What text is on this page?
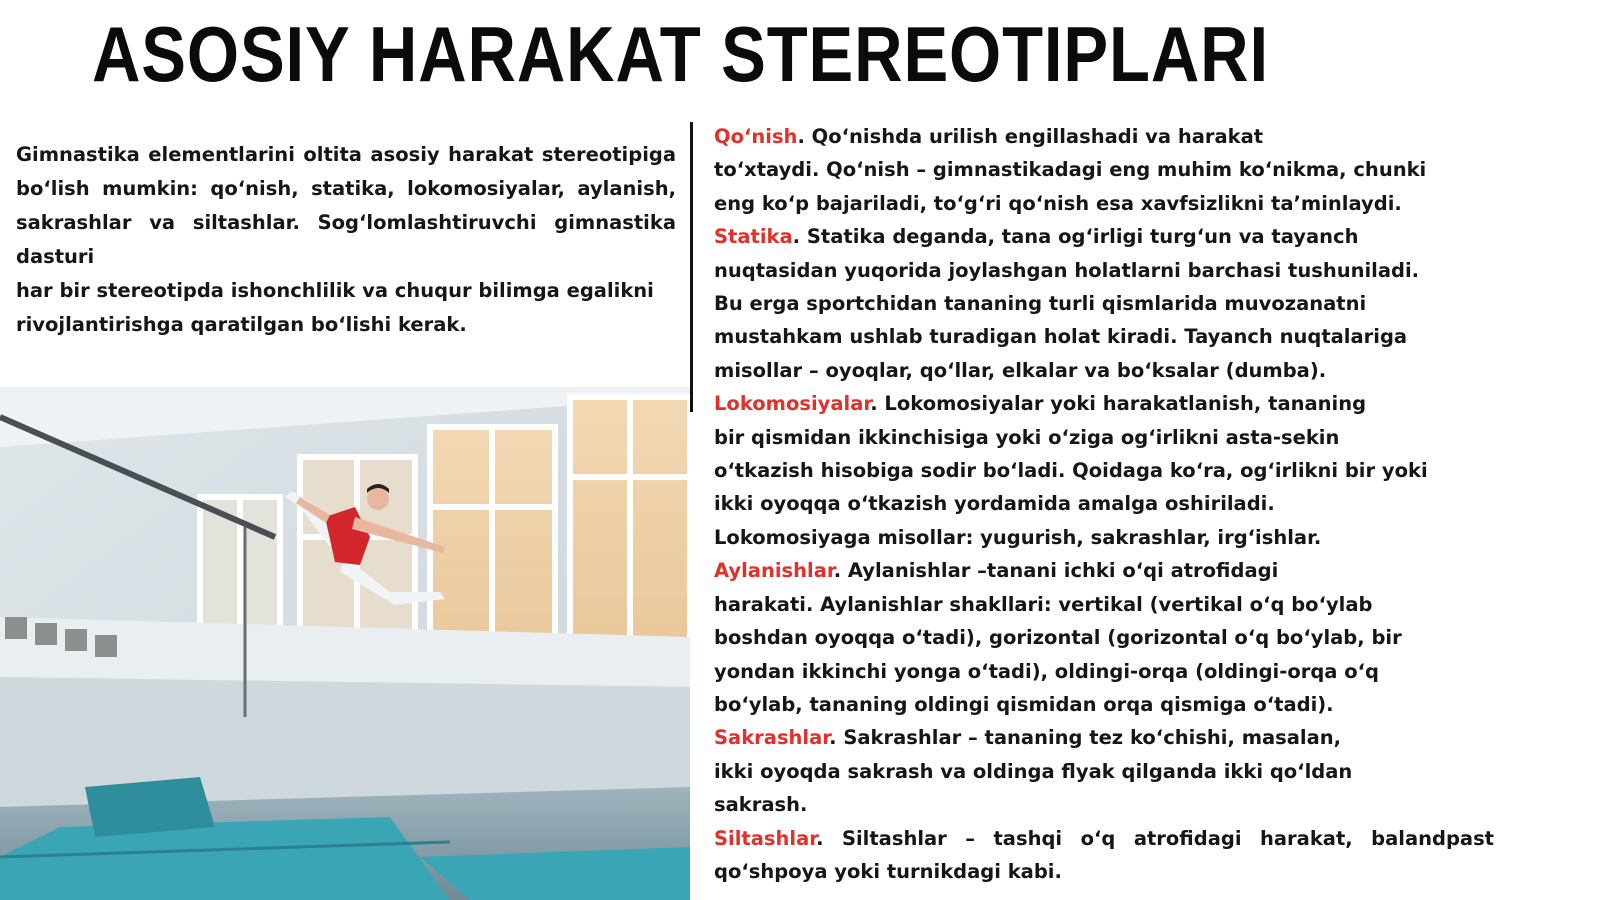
ASOSIY HARAKAT STEREOTIPLARI

Gimnastika elementlarini oltita asosiy harakat stereotipiga bo‘lish mumkin: qo‘nish, statika, lokomosiyalar, aylanish, sakrashlar va siltashlar. Sog‘lomlashtiruvchi gimnastika dasturi

har bir stereotipda ishonchlilik va chuqur bilimga egalikni rivojlantirishga qaratilgan bo‘lishi kerak.

Qo‘nish. Qo‘nishda urilish engillashadi va harakat
to‘xtaydi. Qo‘nish – gimnastikadagi eng muhim ko‘nikma, chunki
eng ko‘p bajariladi, to‘g‘ri qo‘nish esa xavfsizlikni ta’minlaydi.
Statika. Statika deganda, tana og‘irligi turg‘un va tayanch
nuqtasidan yuqorida joylashgan holatlarni barchasi tushuniladi.
Bu erga sportchidan tananing turli qismlarida muvozanatni
mustahkam ushlab turadigan holat kiradi. Tayanch nuqtalariga
misollar – oyoqlar, qo‘llar, elkalar va bo‘ksalar (dumba).
Lokomosiyalar. Lokomosiyalar yoki harakatlanish, tananing
bir qismidan ikkinchisiga yoki o‘ziga og‘irlikni asta-sekin
o‘tkazish hisobiga sodir bo‘ladi. Qoidaga ko‘ra, og‘irlikni bir yoki
ikki oyoqqa o‘tkazish yordamida amalga oshiriladi.
Lokomosiyaga misollar: yugurish, sakrashlar, irg‘ishlar.
Aylanishlar. Aylanishlar –tanani ichki o‘qi atrofidagi
harakati. Aylanishlar shakllari: vertikal (vertikal o‘q bo‘ylab
boshdan oyoqqa o‘tadi), gorizontal (gorizontal o‘q bo‘ylab, bir
yondan ikkinchi yonga o‘tadi), oldingi-orqa (oldingi-orqa o‘q
bo‘ylab, tananing oldingi qismidan orqa qismiga o‘tadi).
Sakrashlar. Sakrashlar – tananing tez ko‘chishi, masalan,
ikki oyoqda sakrash va oldinga flyak qilganda ikki qo‘ldan
sakrash.
Siltashlar. Siltashlar – tashqi o‘q atrofidagi harakat, balandpast
qo‘shpoya yoki turnikdagi kabi.
